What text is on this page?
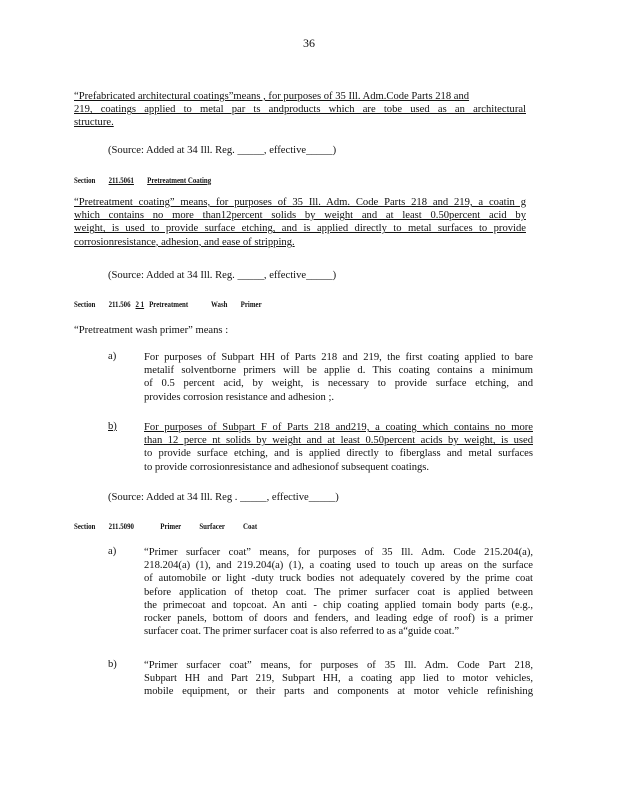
36
“Prefabricated architectural coatings”means , for purposes of 35 Ill. Adm.Code Parts 218 and
219, coatings applied to metal par ts andproducts which are tobe used as an architectural
structure.
(Source: Added at 34 Ill. Reg. _____, effective_____)
Section 211.5061 Pretreatment Coating
“Pretreatment coating” means, for purposes of 35 Ill. Adm. Code Parts 218 and 219, a coatin g
which contains no more than12percent solids by weight and at least 0.50percent acid by
weight, is used to provide surface etching, and is applied directly to metal surfaces to provide
corrosionresistance, adhesion, and ease of stripping.
(Source: Added at 34 Ill. Reg. _____, effective_____)
Section 211.506 2 1 Pretreatment	Wash Primer
“Pretreatment wash primer” means :
a)	For purposes of Subpart HH of Parts 218 and 219, the first coating applied to bare
metalif solventborne primers will be applie d. This coating contains a minimum
of 0.5 percent acid, by weight, is necessary to provide surface etching, and
provides corrosion resistance and adhesion ;.
b)	For purposes of Subpart F of Parts 218 and219, a coating which contains no more
than 12 perce nt solids by weight and at least 0.50percent acids by weight, is used
to provide surface etching, and is applied directly to fiberglass and metal surfaces
to provide corrosionresistance and adhesionof subsequent coatings.
(Source: Added at 34 Ill. Reg . _____, effective_____)
Section 211.5090	Primer Surfacer Coat
a)	“Primer surfacer coat” means, for purposes of 35 Ill. Adm. Code 215.204(a),
218.204(a) (1), and 219.204(a) (1), a coating used to touch up areas on the surface
of automobile or light -duty truck bodies not adequately covered by the prime coat
before application of thetop coat. The primer surfacer coat is applied between
the primecoat and topcoat. An anti - chip coating applied tomain body parts (e.g.,
rocker panels, bottom of doors and fenders, and leading edge of roof) is a primer
surfacer coat. The primer surfacer coat is also referred to as a“guide coat.”
b)	“Primer surfacer coat” means, for purposes of 35 Ill. Adm. Code Part 218,
Subpart HH and Part 219, Subpart HH, a coating app lied to motor vehicles,
mobile equipment, or their parts and components at motor vehicle refinishing
